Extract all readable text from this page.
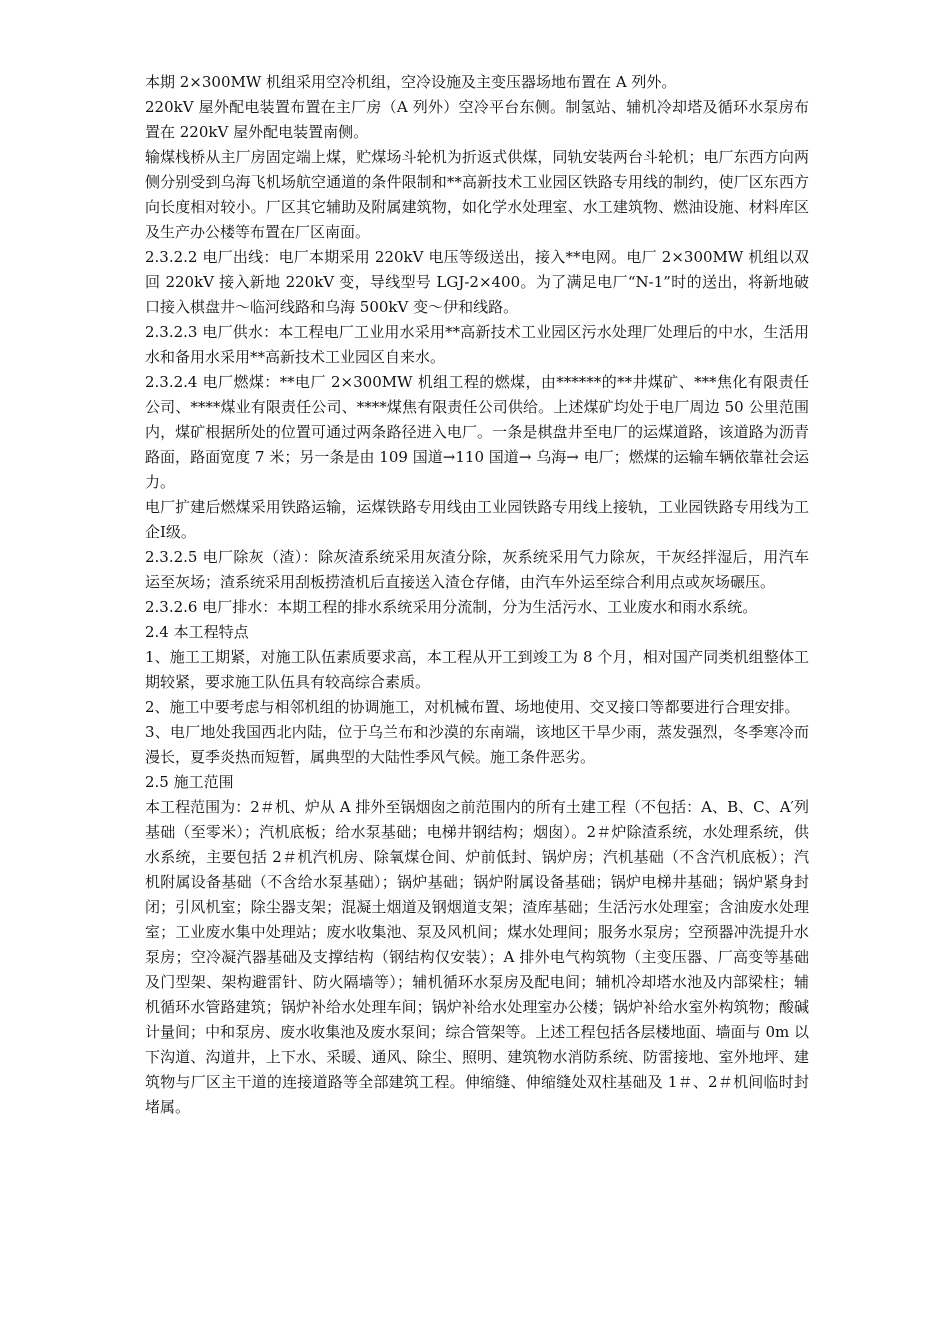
本期 2×300MW 机组采用空冷机组，空冷设施及主变压器场地布置在 A 列外。

220kV 屋外配电装置布置在主厂房（A 列外）空冷平台东侧。制氢站、辅机冷却塔及循环水泵房布置在 220kV 屋外配电装置南侧。

输煤栈桥从主厂房固定端上煤，贮煤场斗轮机为折返式供煤，同轨安装两台斗轮机；电厂东西方向两侧分别受到乌海飞机场航空通道的条件限制和**高新技术工业园区铁路专用线的制约，使厂区东西方向长度相对较小。厂区其它辅助及附属建筑物，如化学水处理室、水工建筑物、燃油设施、材料库区及生产办公楼等布置在厂区南面。

2.3.2.2 电厂出线：电厂本期采用 220kV 电压等级送出，接入**电网。电厂 2×300MW 机组以双回 220kV 接入新地 220kV 变，导线型号 LGJ-2×400。为了满足电厂“N-1”时的送出，将新地破口接入棋盘井～临河线路和乌海 500kV 变～伊和线路。

2.3.2.3 电厂供水：本工程电厂工业用水采用**高新技术工业园区污水处理厂处理后的中水，生活用水和备用水采用**高新技术工业园区自来水。

2.3.2.4 电厂燃煤：**电厂 2×300MW 机组工程的燃煤，由******的**井煤矿、***焦化有限责任公司、****煤业有限责任公司、****煤焦有限责任公司供给。上述煤矿均处于电厂周边 50 公里范围内，煤矿根据所处的位置可通过两条路径进入电厂。一条是棋盘井至电厂的运煤道路，该道路为沥青路面，路面宽度 7 米；另一条是由 109 国道→110 国道→ 乌海→ 电厂；燃煤的运输车辆依靠社会运力。

电厂扩建后燃煤采用铁路运输，运煤铁路专用线由工业园铁路专用线上接轨，工业园铁路专用线为工企Ⅰ级。

2.3.2.5 电厂除灰（渣）：除灰渣系统采用灰渣分除，灰系统采用气力除灰，干灰经拌湿后，用汽车运至灰场；渣系统采用刮板捞渣机后直接送入渣仓存储，由汽车外运至综合利用点或灰场碾压。

2.3.2.6 电厂排水：本期工程的排水系统采用分流制，分为生活污水、工业废水和雨水系统。

2.4 本工程特点

1、施工工期紧，对施工队伍素质要求高，本工程从开工到竣工为 8 个月，相对国产同类机组整体工期较紧，要求施工队伍具有较高综合素质。

2、施工中要考虑与相邻机组的协调施工，对机械布置、场地使用、交叉接口等都要进行合理安排。

3、电厂地处我国西北内陆，位于乌兰布和沙漠的东南端，该地区干旱少雨，蒸发强烈，冬季寒冷而漫长，夏季炎热而短暂，属典型的大陆性季风气候。施工条件恶劣。

2.5 施工范围

本工程范围为：2＃机、炉从 A 排外至锅烟囱之前范围内的所有土建工程（不包括：A、B、C、A′列基础（至零米）；汽机底板；给水泵基础；电梯井钢结构；烟囱）。2＃炉除渣系统，水处理系统，供水系统，主要包括 2＃机汽机房、除氧煤仓间、炉前低封、锅炉房；汽机基础（不含汽机底板）；汽机附属设备基础（不含给水泵基础）；锅炉基础；锅炉附属设备基础；锅炉电梯井基础；锅炉紧身封闭；引风机室；除尘器支架；混凝土烟道及钢烟道支架；渣库基础；生活污水处理室；含油废水处理室；工业废水集中处理站；废水收集池、泵及风机间；煤水处理间；服务水泵房；空预器冲洗提升水泵房；空冷凝汽器基础及支撑结构（钢结构仅安装）；A 排外电气构筑物（主变压器、厂高变等基础及门型架、架构避雷针、防火隔墙等）；辅机循环水泵房及配电间；辅机冷却塔水池及内部梁柱；辅机循环水管路建筑；锅炉补给水处理车间；锅炉补给水处理室办公楼；锅炉补给水室外构筑物；酸碱计量间；中和泵房、废水收集池及废水泵间；综合管架等。上述工程包括各层楼地面、墙面与 0m 以下沟道、沟道井，上下水、采暖、通风、除尘、照明、建筑物水消防系统、防雷接地、室外地坪、建筑物与厂区主干道的连接道路等全部建筑工程。伸缩缝、伸缩缝处双柱基础及 1＃、2＃机间临时封堵属。
